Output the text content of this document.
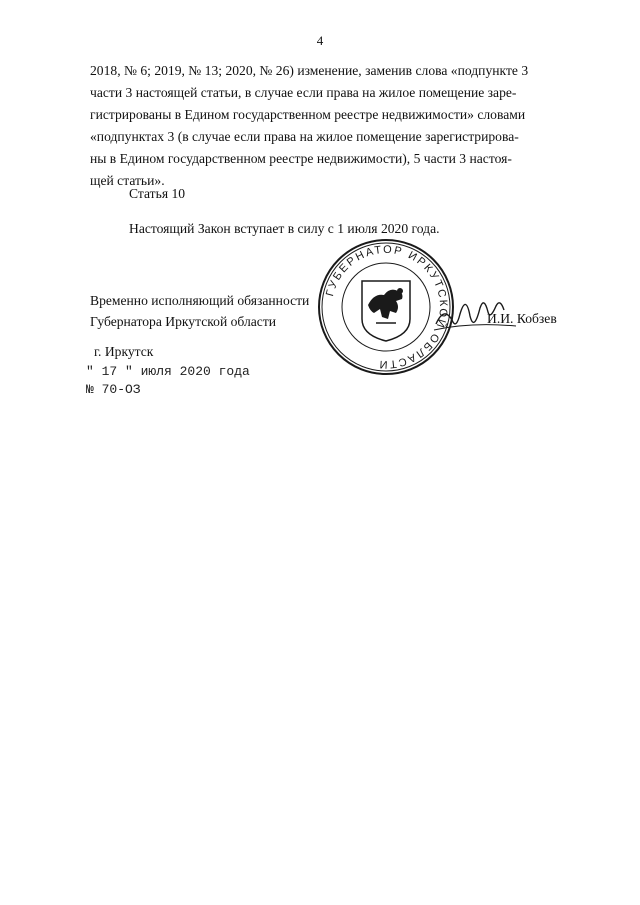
4
2018, № 6; 2019, № 13; 2020, № 26) изменение, заменив слова «подпункте 3
части 3 настоящей статьи, в случае если права на жилое помещение заре-
гистрированы в Едином государственном реестре недвижимости» словами
«подпунктах 3 (в случае если права на жилое помещение зарегистрирова-
ны в Едином государственном реестре недвижимости), 5 части 3 настоя-
щей статьи».
Статья 10
Настоящий Закон вступает в силу с 1 июля 2020 года.
Временно исполняющий обязанности
Губернатора Иркутской области
ГУБЕРНАТОР ИРКУТСКОЙ ОБЛАСТИ
И.И. Кобзев
г. Иркутск
" 17 " июля 2020 года
№ 70-ОЗ
